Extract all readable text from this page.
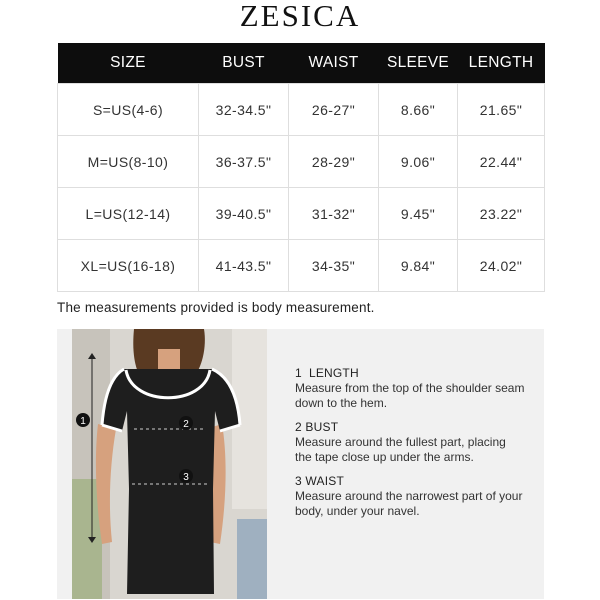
ZESICA
SIZE	BUST	WAIST	SLEEVE	LENGTH
S=US(4-6)	32-34.5"	26-27"	8.66"	21.65"
M=US(8-10)	36-37.5"	28-29"	9.06"	22.44"
L=US(12-14)	39-40.5"	31-32"	9.45"	23.22"
XL=US(16-18)	41-43.5"	34-35"	9.84"	24.02"
The measurements provided is body measurement.
1	2
3
1 LENGTH
Measure from the top of the shoulder seam down to the hem.
2 BUST
Measure around the fullest part, placing the tape close up under the arms.
3 WAIST
Measure around the narrowest part of your body, under your navel.
